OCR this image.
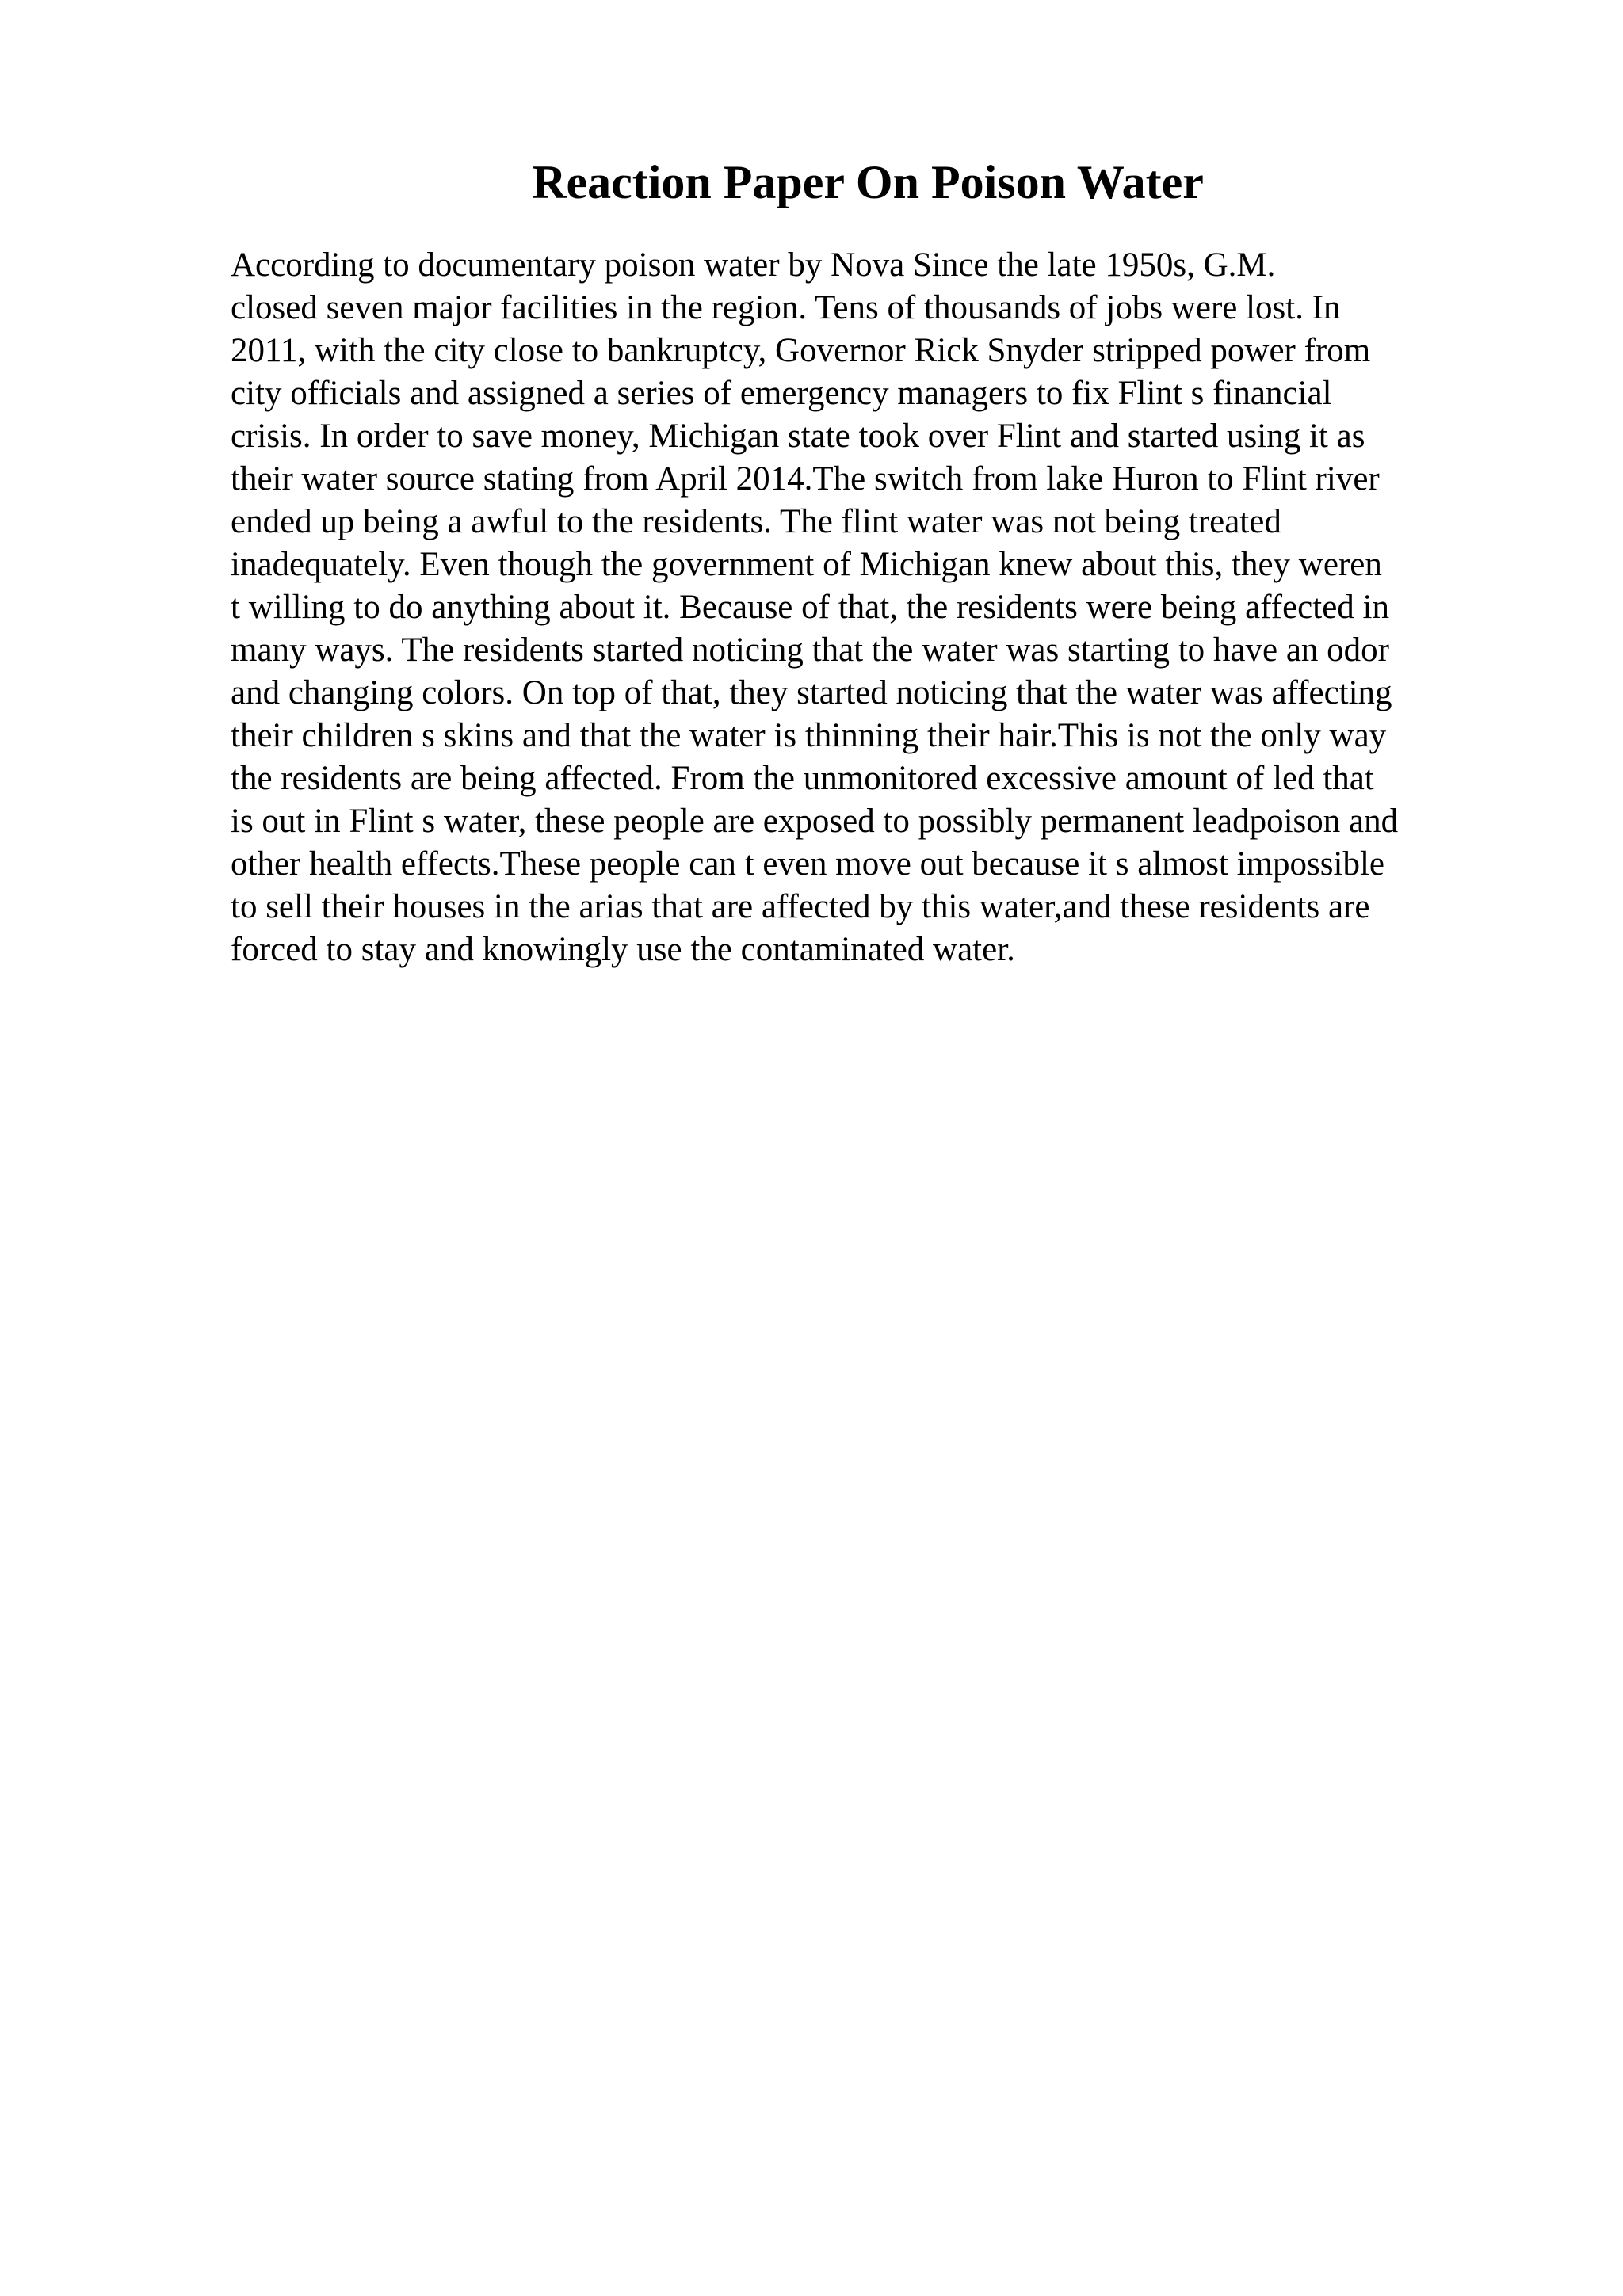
Reaction Paper On Poison Water
According to documentary poison water by Nova Since the late 1950s, G.M.
closed seven major facilities in the region. Tens of thousands of jobs were lost. In
2011, with the city close to bankruptcy, Governor Rick Snyder stripped power from
city officials and assigned a series of emergency managers to fix Flint s financial
crisis. In order to save money, Michigan state took over Flint and started using it as
their water source stating from April 2014.The switch from lake Huron to Flint river
ended up being a awful to the residents. The flint water was not being treated
inadequately. Even though the government of Michigan knew about this, they weren
t willing to do anything about it. Because of that, the residents were being affected in
many ways. The residents started noticing that the water was starting to have an odor
and changing colors. On top of that, they started noticing that the water was affecting
their children s skins and that the water is thinning their hair.This is not the only way
the residents are being affected. From the unmonitored excessive amount of led that
is out in Flint s water, these people are exposed to possibly permanent leadpoison and
other health effects.These people can t even move out because it s almost impossible
to sell their houses in the arias that are affected by this water,and these residents are
forced to stay and knowingly use the contaminated water.
